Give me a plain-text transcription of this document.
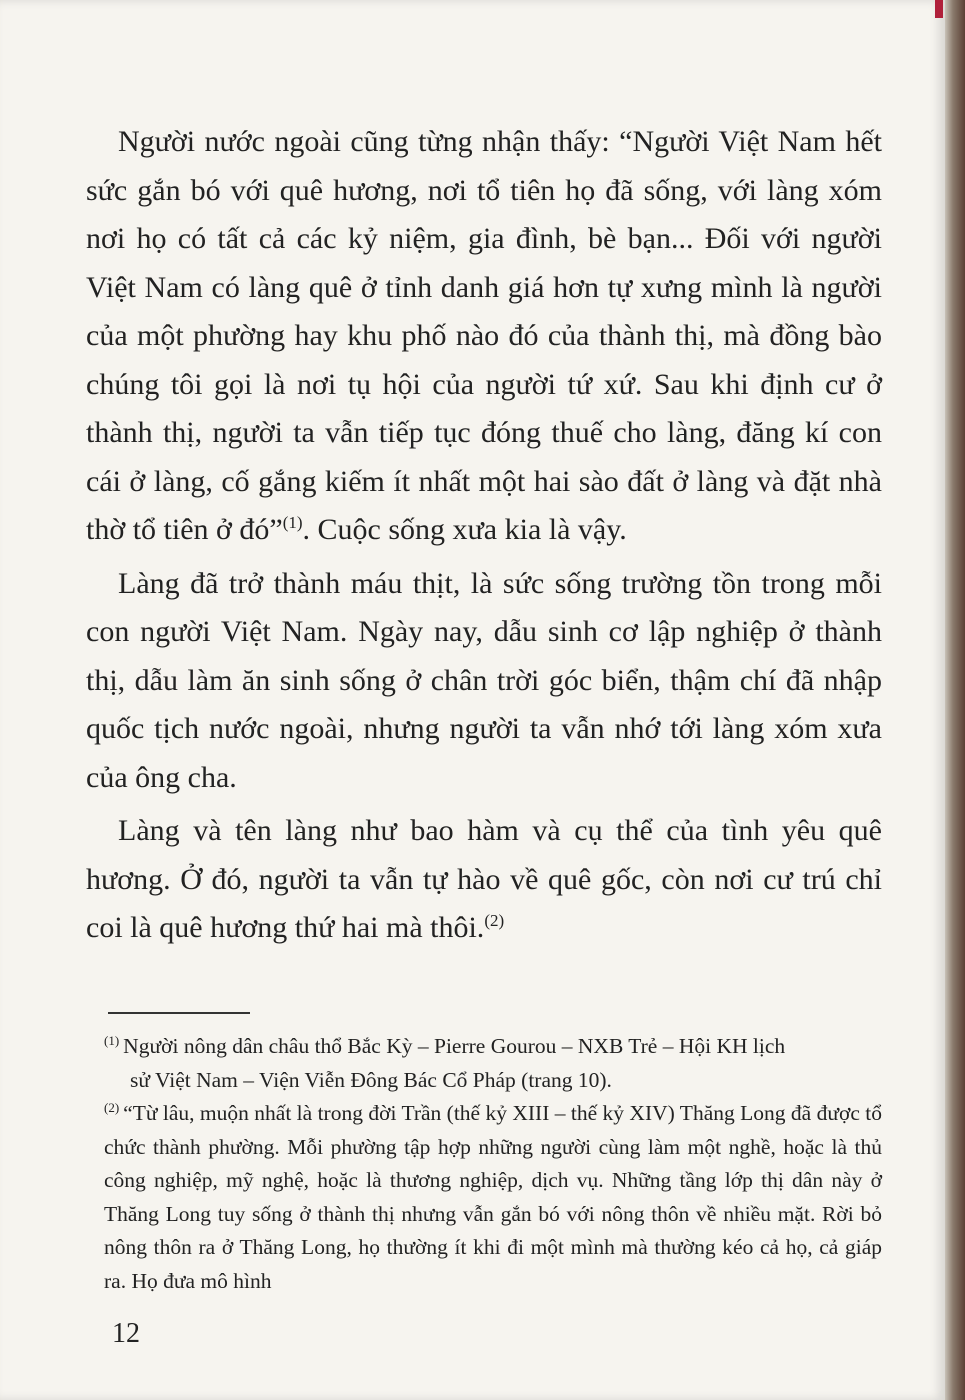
Người nước ngoài cũng từng nhận thấy: “Người Việt Nam hết sức gắn bó với quê hương, nơi tổ tiên họ đã sống, với làng xóm nơi họ có tất cả các kỷ niệm, gia đình, bè bạn... Đối với người Việt Nam có làng quê ở tỉnh danh giá hơn tự xưng mình là người của một phường hay khu phố nào đó của thành thị, mà đồng bào chúng tôi gọi là nơi tụ hội của người tứ xứ. Sau khi định cư ở thành thị, người ta vẫn tiếp tục đóng thuế cho làng, đăng kí con cái ở làng, cố gắng kiếm ít nhất một hai sào đất ở làng và đặt nhà thờ tổ tiên ở đó”$^{(1)}$. Cuộc sống xưa kia là vậy.

Làng đã trở thành máu thịt, là sức sống trường tồn trong mỗi con người Việt Nam. Ngày nay, dẫu sinh cơ lập nghiệp ở thành thị, dẫu làm ăn sinh sống ở chân trời góc biển, thậm chí đã nhập quốc tịch nước ngoài, nhưng người ta vẫn nhớ tới làng xóm xưa của ông cha.

Làng và tên làng như bao hàm và cụ thể của tình yêu quê hương. Ở đó, người ta vẫn tự hào về quê gốc, còn nơi cư trú chỉ coi là quê hương thứ hai mà thôi.$^{(2)}$

$^{(1)}$ Người nông dân châu thổ Bắc Kỳ – Pierre Gourou – NXB Trẻ – Hội KH lịch

sử Việt Nam – Viện Viễn Đông Bác Cổ Pháp (trang 10).

$^{(2)}$ “Từ lâu, muộn nhất là trong đời Trần (thế kỷ XIII – thế kỷ XIV) Thăng Long đã được tổ chức thành phường. Mỗi phường tập hợp những người cùng làm một nghề, hoặc là thủ công nghiệp, mỹ nghệ, hoặc là thương nghiệp, dịch vụ. Những tầng lớp thị dân này ở Thăng Long tuy sống ở thành thị nhưng vẫn gắn bó với nông thôn về nhiều mặt. Rời bỏ nông thôn ra ở Thăng Long, họ thường ít khi đi một mình mà thường kéo cả họ, cả giáp ra. Họ đưa mô hình

12
